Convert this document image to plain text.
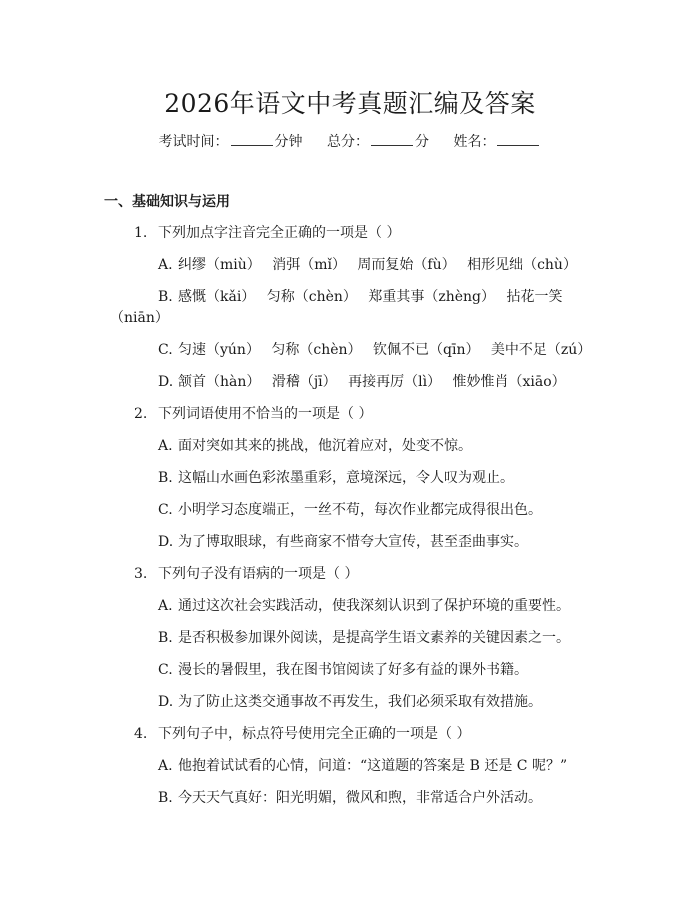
2026年语文中考真题汇编及答案
考试时间：	分钟 总分：	分 姓名：
一、基础知识与运用
1. 下列加点字注音完全正确的一项是（ ）
A. 纠缪（miù）　 消弭（mǐ）　 周而复始（fù）　 相形见绌（chù）
B. 感慨（kǎi）　 匀称（chèn）　 郑重其事（zhèng）　 拈花一笑
（niān）
C. 匀速（yún）　 匀称（chèn）　 钦佩不已（qīn）　 美中不足（zú）
D. 颔首（hàn）　 滑稽（jī）　 再接再厉（lì）　 惟妙惟肖（xiāo）
2. 下列词语使用不恰当的一项是（ ）
A. 面对突如其来的挑战，他沉着应对，处变不惊。
B. 这幅山水画色彩浓墨重彩，意境深远，令人叹为观止。
C. 小明学习态度端正，一丝不苟，每次作业都完成得很出色。
D. 为了博取眼球，有些商家不惜夸大宣传，甚至歪曲事实。
3. 下列句子没有语病的一项是（ ）
A. 通过这次社会实践活动，使我深刻认识到了保护环境的重要性。
B. 是否积极参加课外阅读，是提高学生语文素养的关键因素之一。
C. 漫长的暑假里，我在图书馆阅读了好多有益的课外书籍。
D. 为了防止这类交通事故不再发生，我们必须采取有效措施。
4. 下列句子中，标点符号使用完全正确的一项是（ ）
A. 他抱着试试看的心情，问道：“这道题的答案是 B 还是 C 呢？”
B. 今天天气真好：阳光明媚，微风和煦，非常适合户外活动。
